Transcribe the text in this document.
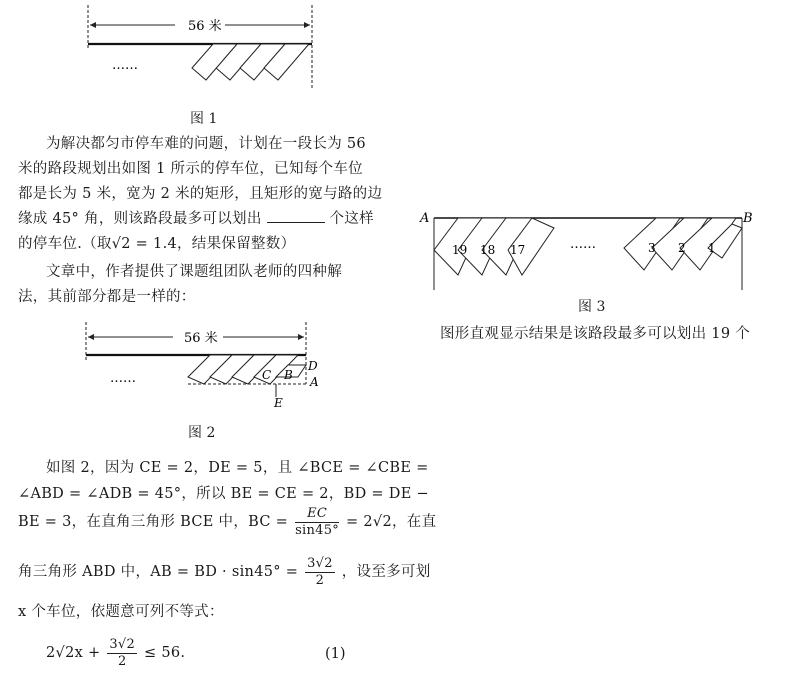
56 米
……
图 1
为解决都匀市停车难的问题，计划在一段长为 56
米的路段规划出如图 1 所示的停车位，已知每个车位
都是长为 5 米，宽为 2 米的矩形，且矩形的宽与路的边
缘成 45° 角，则该路段最多可以划出	个这样
的停车位.（取√2 = 1.4，结果保留整数）
文章中，作者提供了课题组团队老师的四种解
法，其前部分都是一样的：
56 米
……
D
A
C B
E
图 2
如图 2，因为 CE = 2，DE = 5，且 ∠BCE = ∠CBE =
∠ABD = ∠ADB = 45°，所以 BE = CE = 2，BD = DE −
BE = 3，在直角三角形 BCE 中，BC = $\frac{EC}{\sin 45^\circ} = 2√2$，在直
角三角形 ABD 中，AB = BD · $\sin 45^\circ = \frac{3√2}{2}$ ，设至多可划
x 个车位，依题意可列不等式：
$2√2x + \frac{3√2}{2} \le 56$.	(1)
A	B
19 18 17	……	3 2 1
图 3
图形直观显示结果是该路段最多可以划出 19 个
